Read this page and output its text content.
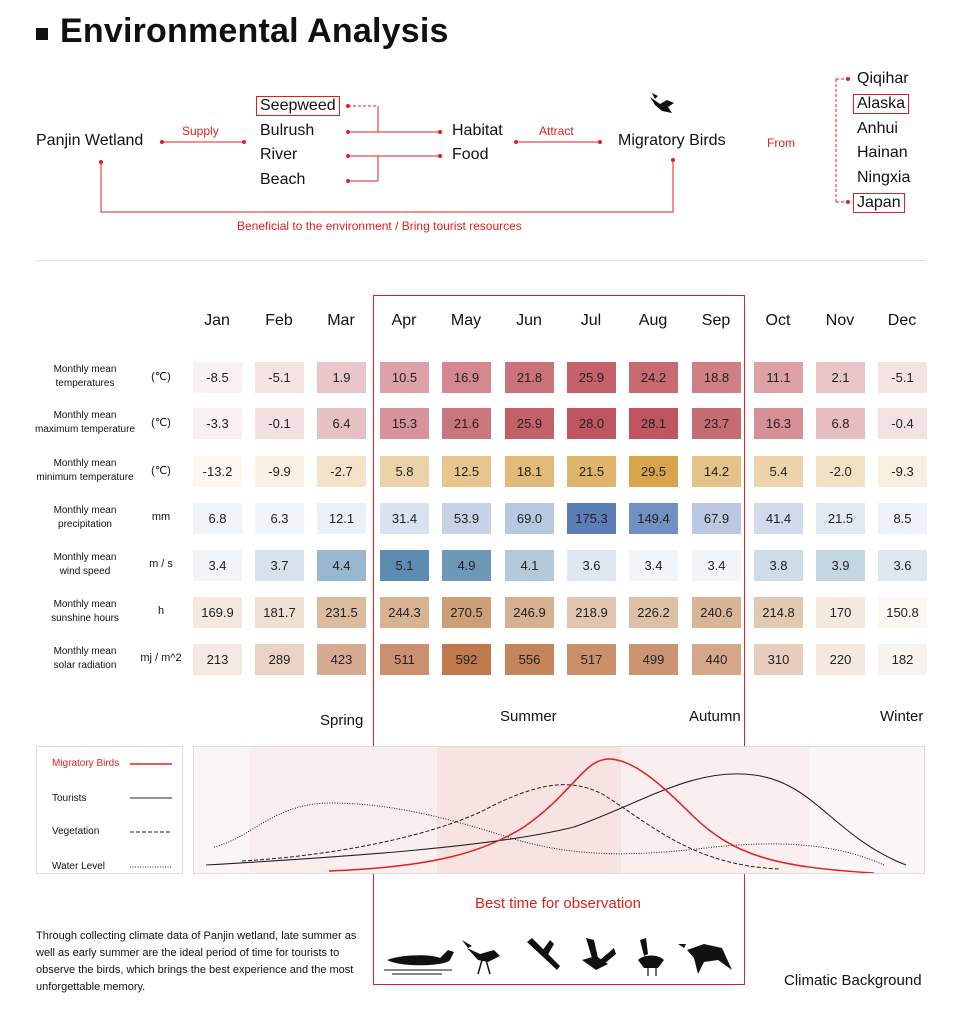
Environmental Analysis
Panjin Wetland
Supply
Seepweed
Bulrush
River
Beach
Habitat
Food
Attract
Migratory Birds	From
Qiqihar
Alaska
Anhui
Hainan
Ningxia
Japan
Beneficial to the environment / Bring tourist resources
Jan	Feb	Mar	Apr	May	Jun	Jul	Aug	Sep	Oct	Nov	Dec
Monthly mean
temperatures
(℃)	-8.5	-5.1	1.9	10.5	16.9	21.8	25.9	24.2	18.8	11.1	2.1	-5.1
Monthly mean
maximum temperature
(℃)	-3.3	-0.1	6.4	15.3	21.6	25.9	28.0	28.1	23.7	16.3	6.8	-0.4
Monthly mean
minimum temperature
(℃)	-13.2	-9.9	-2.7	5.8	12.5	18.1	21.5	29.5	14.2	5.4	-2.0	-9.3
Monthly mean
precipitation
mm	6.8	6.3	12.1	31.4	53.9	69.0	175.3	149.4	67.9	41.4	21.5	8.5
Monthly mean
wind speed
m / s	3.4	3.7	4.4	5.1	4.9	4.1	3.6	3.4	3.4	3.8	3.9	3.6
Monthly mean
sunshine hours
h	169.9	181.7	231.5	244.3	270.5	246.9	218.9	226.2	240.6	214.8	170	150.8
Monthly mean
solar radiation
mj / m^2	213	289	423	511	592	556	517	499	440	310	220	182
Spring	Summer	Autumn	Winter
Migratory Birds
Tourists
Vegetation
Water Level
Best time for observation
Through collecting climate data of Panjin wetland, late summer as well as early summer are the ideal period of time for tourists to observe the birds, which brings the best experience and the most unforgettable memory.	Climatic Background
